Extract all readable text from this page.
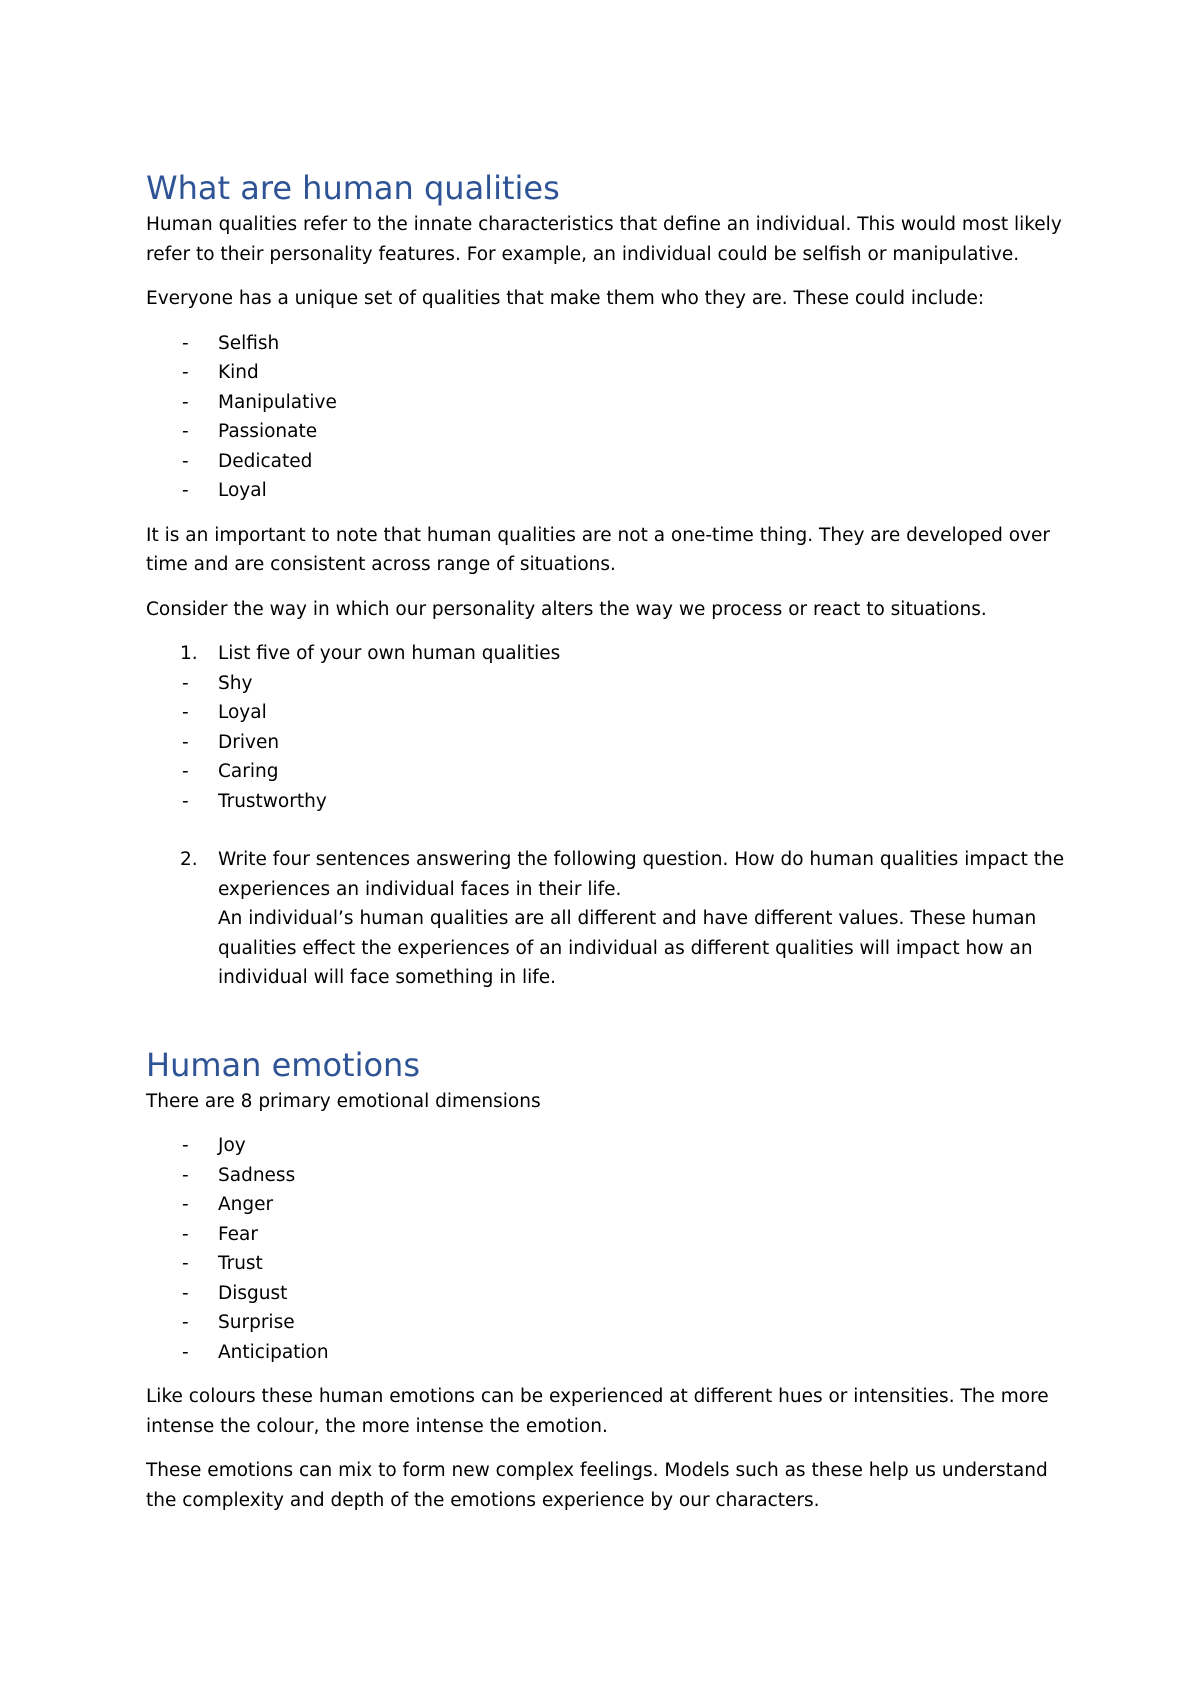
What are human qualities

Human qualities refer to the innate characteristics that define an individual. This would most likely refer to their personality features. For example, an individual could be selfish or manipulative.

Everyone has a unique set of qualities that make them who they are. These could include:

-	Selfish
-	Kind
-	Manipulative
-	Passionate
-	Dedicated
-	Loyal

It is an important to note that human qualities are not a one-time thing. They are developed over time and are consistent across range of situations.

Consider the way in which our personality alters the way we process or react to situations.

1. List five of your own human qualities
-	Shy
-	Loyal
-	Driven
-	Caring
-	Trustworthy
2. Write four sentences answering the following question. How do human qualities impact the experiences an individual faces in their life.
An individual’s human qualities are all different and have different values. These human qualities effect the experiences of an individual as different qualities will impact how an individual will face something in life.
Human emotions

There are 8 primary emotional dimensions

-	Joy
-	Sadness
-	Anger
-	Fear
-	Trust
-	Disgust
-	Surprise
-	Anticipation

Like colours these human emotions can be experienced at different hues or intensities. The more intense the colour, the more intense the emotion.

These emotions can mix to form new complex feelings. Models such as these help us understand the complexity and depth of the emotions experience by our characters.
